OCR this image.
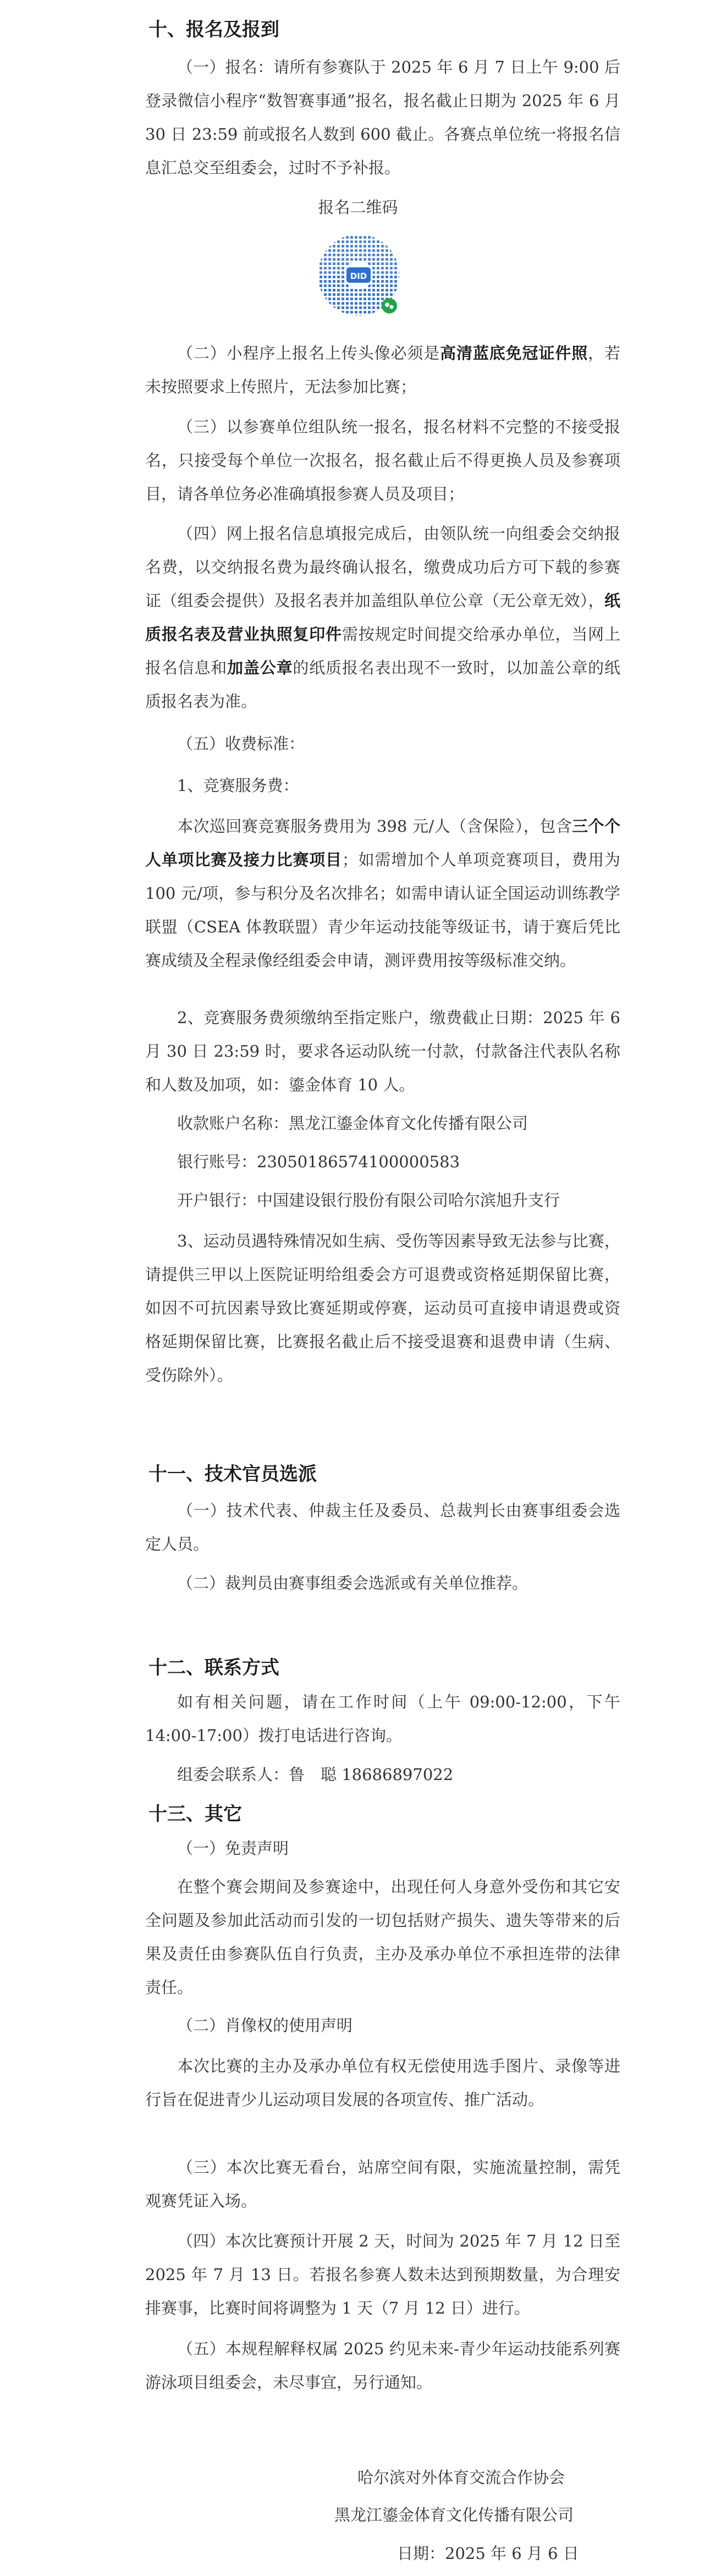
十、报名及报到
（一）报名：请所有参赛队于 2025 年 6 月 7 日上午 9:00 后登录微信小程序“数智赛事通”报名，报名截止日期为 2025 年 6 月 30 日 23:59 前或报名人数到 600 截止。各赛点单位统一将报名信息汇总交至组委会，过时不予补报。
报名二维码
DID
（二）小程序上报名上传头像必须是高清蓝底免冠证件照，若未按照要求上传照片，无法参加比赛；
（三）以参赛单位组队统一报名，报名材料不完整的不接受报名，只接受每个单位一次报名，报名截止后不得更换人员及参赛项目，请各单位务必准确填报参赛人员及项目；
（四）网上报名信息填报完成后，由领队统一向组委会交纳报名费，以交纳报名费为最终确认报名，缴费成功后方可下载的参赛证（组委会提供）及报名表并加盖组队单位公章（无公章无效），纸质报名表及营业执照复印件需按规定时间提交给承办单位，当网上报名信息和加盖公章的纸质报名表出现不一致时，以加盖公章的纸质报名表为准。
（五）收费标准：
1、竞赛服务费：
本次巡回赛竞赛服务费用为 398 元/人（含保险），包含三个个人单项比赛及接力比赛项目；如需增加个人单项竞赛项目，费用为 100 元/项，参与积分及名次排名；如需申请认证全国运动训练教学联盟（CSEA 体教联盟）青少年运动技能等级证书，请于赛后凭比赛成绩及全程录像经组委会申请，测评费用按等级标准交纳。
2、竞赛服务费须缴纳至指定账户，缴费截止日期：2025 年 6 月 30 日 23:59 时，要求各运动队统一付款，付款备注代表队名称和人数及加项，如：鎏金体育 10 人。
收款账户名称：黑龙江鎏金体育文化传播有限公司
银行账号：23050186574100000583
开户银行：中国建设银行股份有限公司哈尔滨旭升支行
3、运动员遇特殊情况如生病、受伤等因素导致无法参与比赛，请提供三甲以上医院证明给组委会方可退费或资格延期保留比赛，如因不可抗因素导致比赛延期或停赛，运动员可直接申请退费或资格延期保留比赛，比赛报名截止后不接受退赛和退费申请（生病、受伤除外）。
十一、技术官员选派
（一）技术代表、仲裁主任及委员、总裁判长由赛事组委会选定人员。
（二）裁判员由赛事组委会选派或有关单位推荐。
十二、联系方式
如有相关问题，请在工作时间（上午 09:00-12:00，下午 14:00-17:00）拨打电话进行咨询。
组委会联系人：鲁　聪 18686897022
十三、其它
（一）免责声明
在整个赛会期间及参赛途中，出现任何人身意外受伤和其它安全问题及参加此活动而引发的一切包括财产损失、遗失等带来的后果及责任由参赛队伍自行负责，主办及承办单位不承担连带的法律责任。
（二）肖像权的使用声明
本次比赛的主办及承办单位有权无偿使用选手图片、录像等进行旨在促进青少儿运动项目发展的各项宣传、推广活动。
（三）本次比赛无看台，站席空间有限，实施流量控制，需凭观赛凭证入场。
（四）本次比赛预计开展 2 天，时间为 2025 年 7 月 12 日至 2025 年 7 月 13 日。若报名参赛人数未达到预期数量，为合理安排赛事，比赛时间将调整为 1 天（7 月 12 日）进行。
（五）本规程解释权属 2025 约见未来-青少年运动技能系列赛游泳项目组委会，未尽事宜，另行通知。
哈尔滨对外体育交流合作协会
黑龙江鎏金体育文化传播有限公司
日期：2025 年 6 月 6 日
